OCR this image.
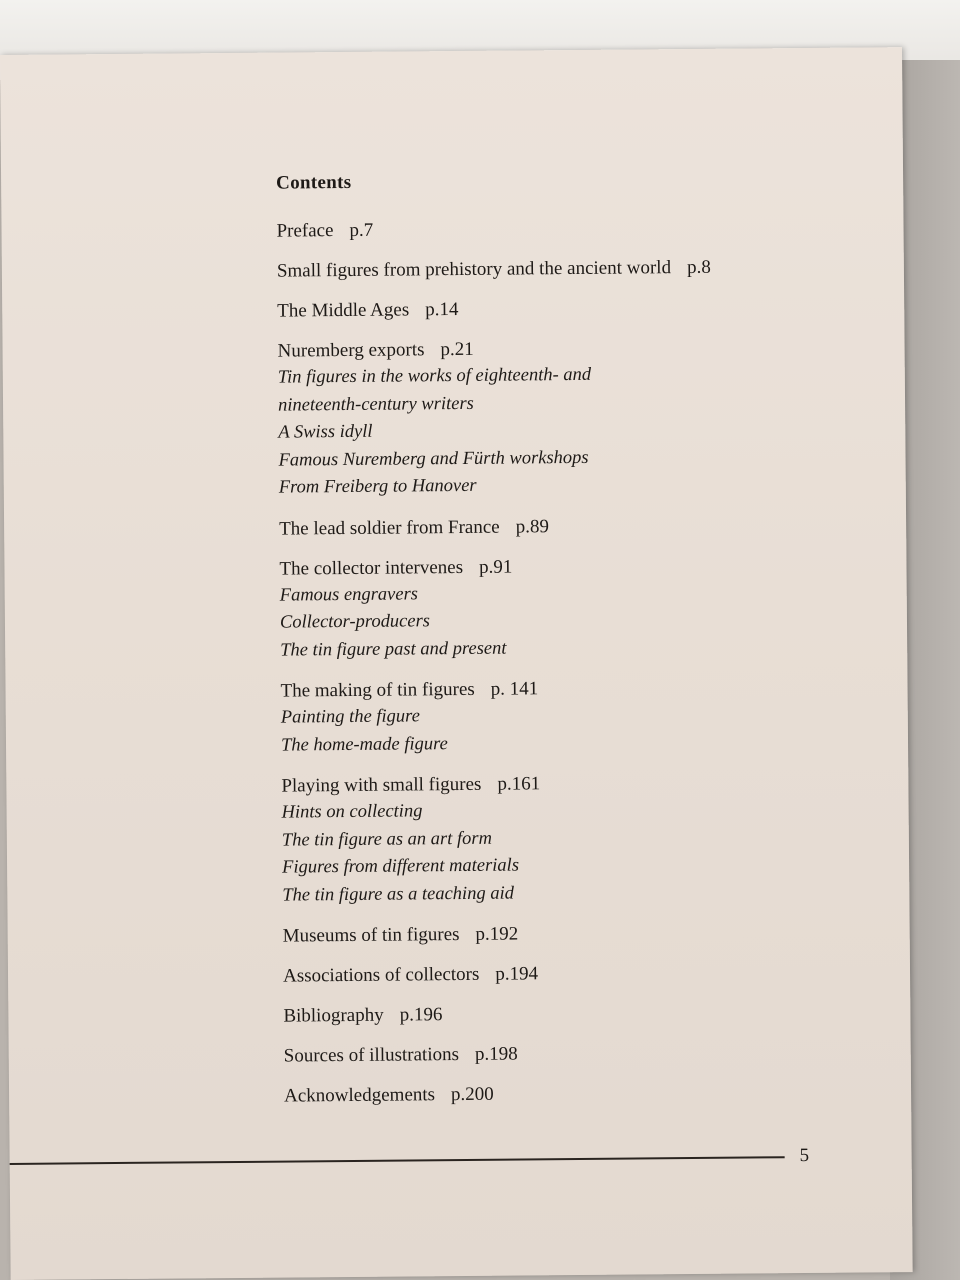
Contents
Preface p.7
Small figures from prehistory and the ancient world p.8
The Middle Ages p.14
Nuremberg exports p.21
Tin figures in the works of eighteenth- and
nineteenth-century writers
A Swiss idyll
Famous Nuremberg and Fürth workshops
From Freiberg to Hanover
The lead soldier from France p.89
The collector intervenes p.91
Famous engravers
Collector-producers
The tin figure past and present
The making of tin figures p. 141
Painting the figure
The home-made figure
Playing with small figures p.161
Hints on collecting
The tin figure as an art form
Figures from different materials
The tin figure as a teaching aid
Museums of tin figures p.192
Associations of collectors p.194
Bibliography p.196
Sources of illustrations p.198
Acknowledgements p.200
5
